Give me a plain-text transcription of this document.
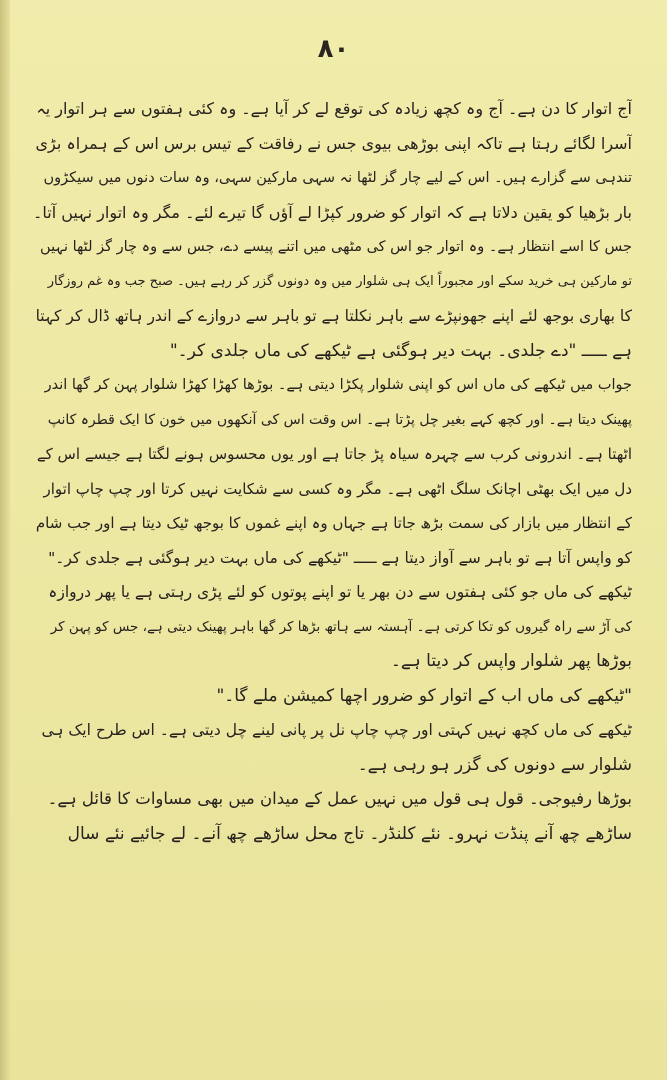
۸۰
آج اتوار کا دن ہے۔ آج وہ کچھ زیادہ کی توقع لے کر آیا ہے۔ وہ کئی ہفتوں سے ہر اتوار یہ
آسرا لگائے رہتا ہے تاکہ اپنی بوڑھی بیوی جس نے رفاقت کے تیس برس اس کے ہمراہ بڑی
تندہی سے گزارے ہیں۔ اس کے لیے چار گز لٹھا نہ سہی مارکین سہی، وہ سات دنوں میں سیکڑوں
بار بڑھیا کو یقین دلاتا ہے کہ اتوار کو ضرور کپڑا لے آؤں گا تیرے لئے۔ مگر وہ اتوار نہیں آتا۔
جس کا اسے انتظار ہے۔ وہ اتوار جو اس کی مٹھی میں اتنے پیسے دے، جس سے وہ چار گز لٹھا نہیں
تو مارکین ہی خرید سکے اور مجبوراً ایک ہی شلوار میں وہ دونوں گزر کر رہے ہیں۔ صبح جب وہ غم روزگار
کا بھاری بوجھ لئے اپنے جھونپڑے سے باہر نکلتا ہے تو باہر سے دروازے کے اندر ہاتھ ڈال کر کہتا
ہے ـــــ "دے جلدی۔ بہت دیر ہوگئی ہے ٹیکھے کی ماں جلدی کر۔"
جواب میں ٹیکھے کی ماں اس کو اپنی شلوار پکڑا دیتی ہے۔ بوڑھا کھڑا کھڑا شلوار پہن کر گھا اندر
پھینک دیتا ہے۔ اور کچھ کہے بغیر چل پڑتا ہے۔ اس وقت اس کی آنکھوں میں خون کا ایک قطرہ کانپ
اٹھتا ہے۔ اندرونی کرب سے چہرہ سیاہ پڑ جاتا ہے اور یوں محسوس ہونے لگتا ہے جیسے اس کے
دل میں ایک بھٹی اچانک سلگ اٹھی ہے۔ مگر وہ کسی سے شکایت نہیں کرتا اور چپ چاپ اتوار
کے انتظار میں بازار کی سمت بڑھ جاتا ہے جہاں وہ اپنے غموں کا بوجھ ٹیک دیتا ہے اور جب شام
کو واپس آتا ہے تو باہر سے آواز دیتا ہے ـــــ "ٹیکھے کی ماں بہت دیر ہوگئی ہے جلدی کر۔"
ٹیکھے کی ماں جو کئی ہفتوں سے دن بھر یا تو اپنے پوتوں کو لئے پڑی رہتی ہے یا پھر دروازہ
کی آڑ سے راہ گیروں کو تکا کرتی ہے۔ آہستہ سے ہاتھ بڑھا کر گھا باہر پھینک دیتی ہے، جس کو پہن کر
بوڑھا پھر شلوار واپس کر دیتا ہے۔
"ٹیکھے کی ماں اب کے اتوار کو ضرور اچھا کمیشن ملے گا۔"
ٹیکھے کی ماں کچھ نہیں کہتی اور چپ چاپ نل پر پانی لینے چل دیتی ہے۔ اس طرح ایک ہی
شلوار سے دونوں کی گزر ہو رہی ہے۔
بوڑھا رفیوجی۔ قول ہی قول میں نہیں عمل کے میدان میں بھی مساوات کا قائل ہے۔
ساڑھے چھ آنے پنڈت نہرو۔ نئے کلنڈر۔ تاج محل ساڑھے چھ آنے۔ لے جائیے نئے سال
